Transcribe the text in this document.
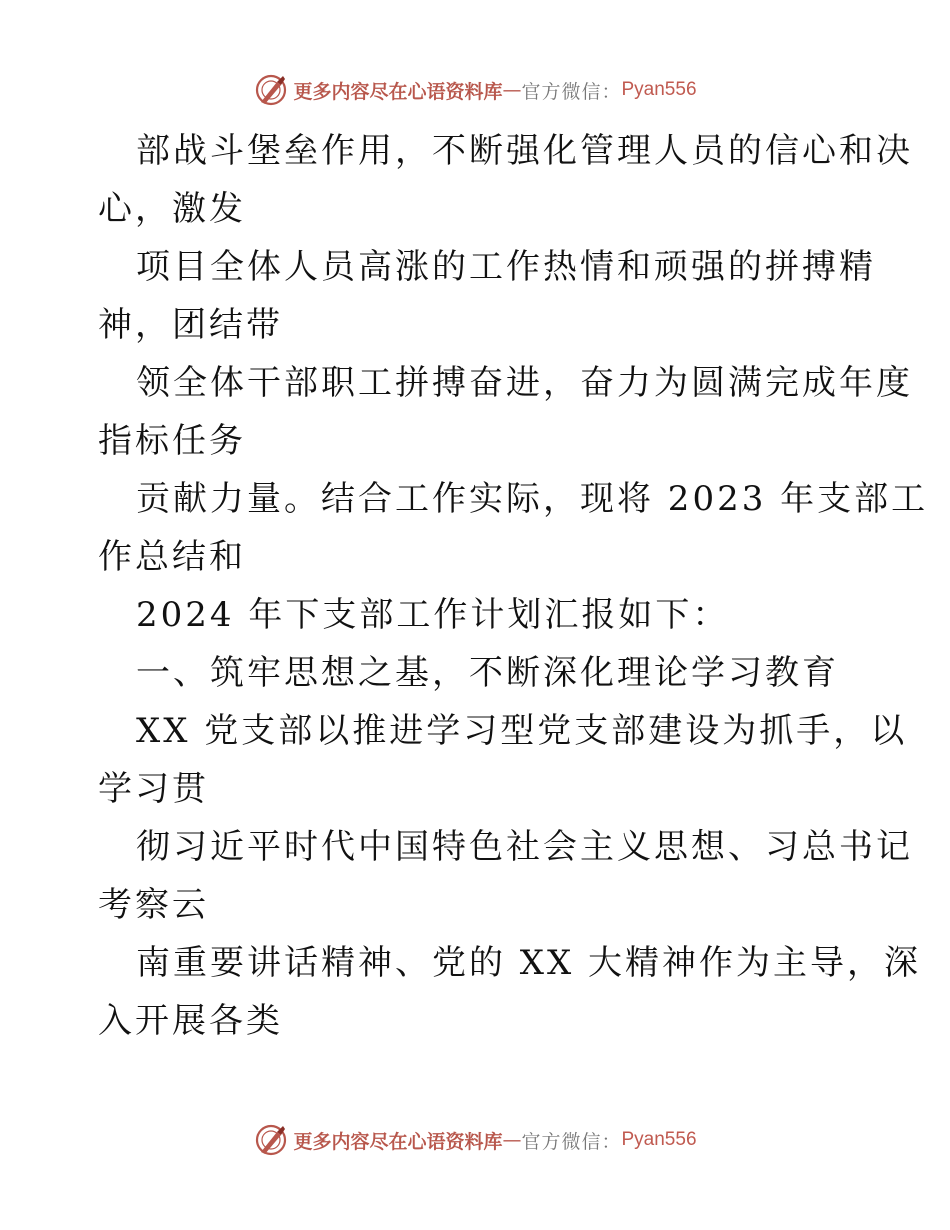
更多内容尽在心语资料库 — 官方微信： Pyan556
部战斗堡垒作用，不断强化管理人员的信心和决
心，激发
项目全体人员高涨的工作热情和顽强的拼搏精
神，团结带
领全体干部职工拼搏奋进，奋力为圆满完成年度
指标任务
贡献力量。结合工作实际，现将 2023 年支部工
作总结和
2024 年下支部工作计划汇报如下：
一、筑牢思想之基，不断深化理论学习教育
XX 党支部以推进学习型党支部建设为抓手，以
学习贯
彻习近平时代中国特色社会主义思想、习总书记
考察云
南重要讲话精神、党的 XX 大精神作为主导，深
入开展各类
更多内容尽在心语资料库 — 官方微信： Pyan556
